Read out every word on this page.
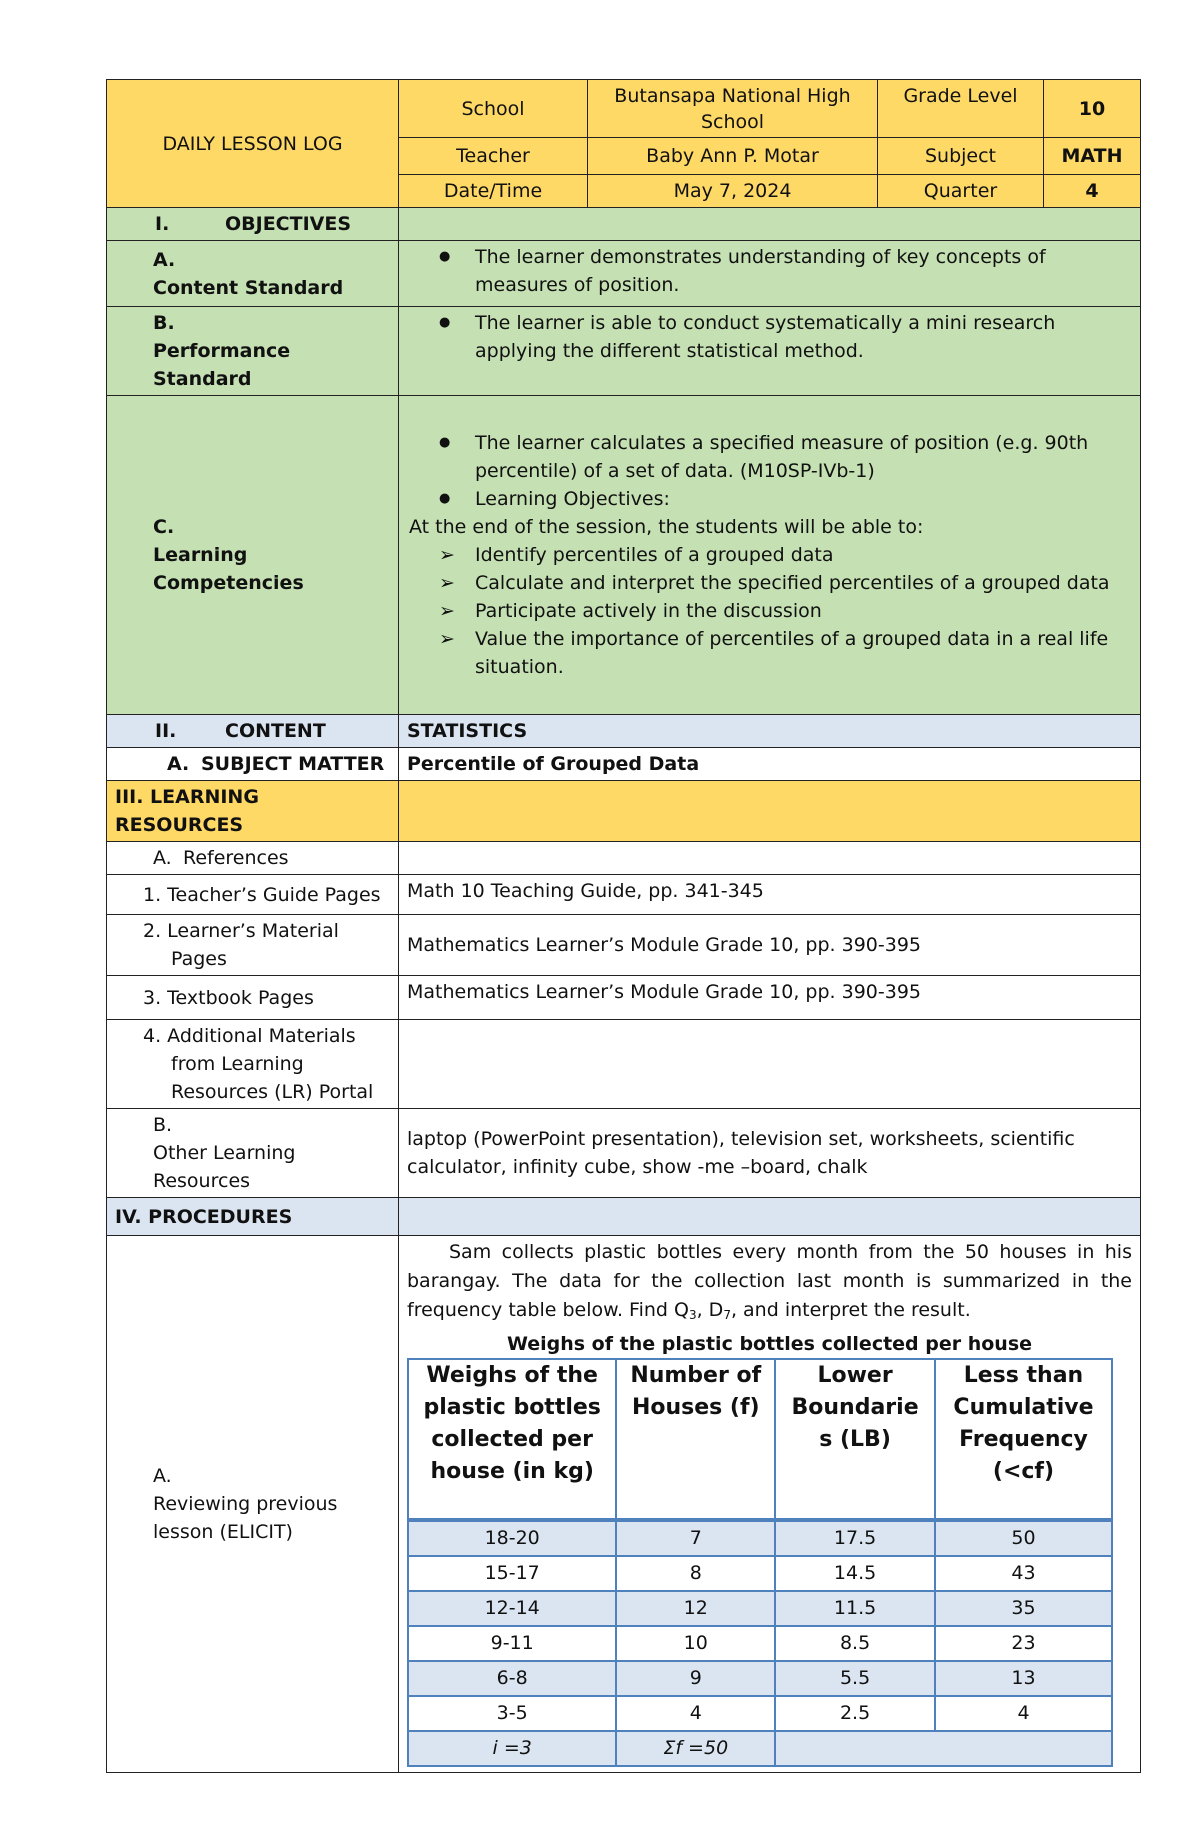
DAILY LESSON LOG	School	Butansapa National High School	Grade Level	10
Teacher	Baby Ann P. Motar	Subject	MATH
Date/Time	May 7, 2024	Quarter	4
I.	OBJECTIVES	
A.Content Standard	
● The learner demonstrates understanding of key concepts of measures of position.

B.Performance Standard	
● The learner is able to conduct systematically a mini research applying the different statistical method.

C.Learning Competencies	
● The learner calculates a specified measure of position (e.g. 90th percentile) of a set of data. (M10SP-IVb-1)
● Learning Objectives:
At the end of the session, the students will be able to:
➢ Identify percentiles of a grouped data
➢ Calculate and interpret the specified percentiles of a grouped data
➢ Participate actively in the discussion
➢ Value the importance of percentiles of a grouped data in a real life situation.

II.	CONTENT	STATISTICS
A. SUBJECT MATTER	Percentile of Grouped Data
III. LEARNING RESOURCES	
A. References	
1. Teacher’s Guide Pages	Math 10 Teaching Guide, pp. 341-345

2. Learner’s Material
Pages
	Mathematics Learner’s Module Grade 10, pp. 390-395
3. Textbook Pages	Mathematics Learner’s Module Grade 10, pp. 390-395

4. Additional Materials
from Learning Resources (LR) Portal

B.Other Learning Resources	laptop (PowerPoint presentation), television set, worksheets, scientific calculator, infinity cube, show -me –board, chalk
IV. PROCEDURES	
A.Reviewing previous lesson (ELICIT)	

Sam collects plastic bottles every month from the 50 houses in his barangay. The data for the collection last month is summarized in the frequency table below. Find $Q_3$, $D_7$, and interpret the result.

Weighs of the plastic bottles collected per house

Weighs of the plastic bottles collected per house (in kg)	Number of Houses (f)	Lower Boundarie s (LB)	Less than Cumulative Frequency (<cf)
18-20	7	17.5	50
15-17	8	14.5	43
12-14	12	11.5	35
9-11	10	8.5	23
6-8	9	5.5	13
3-5	4	2.5	4
i =3	Σf =50	
